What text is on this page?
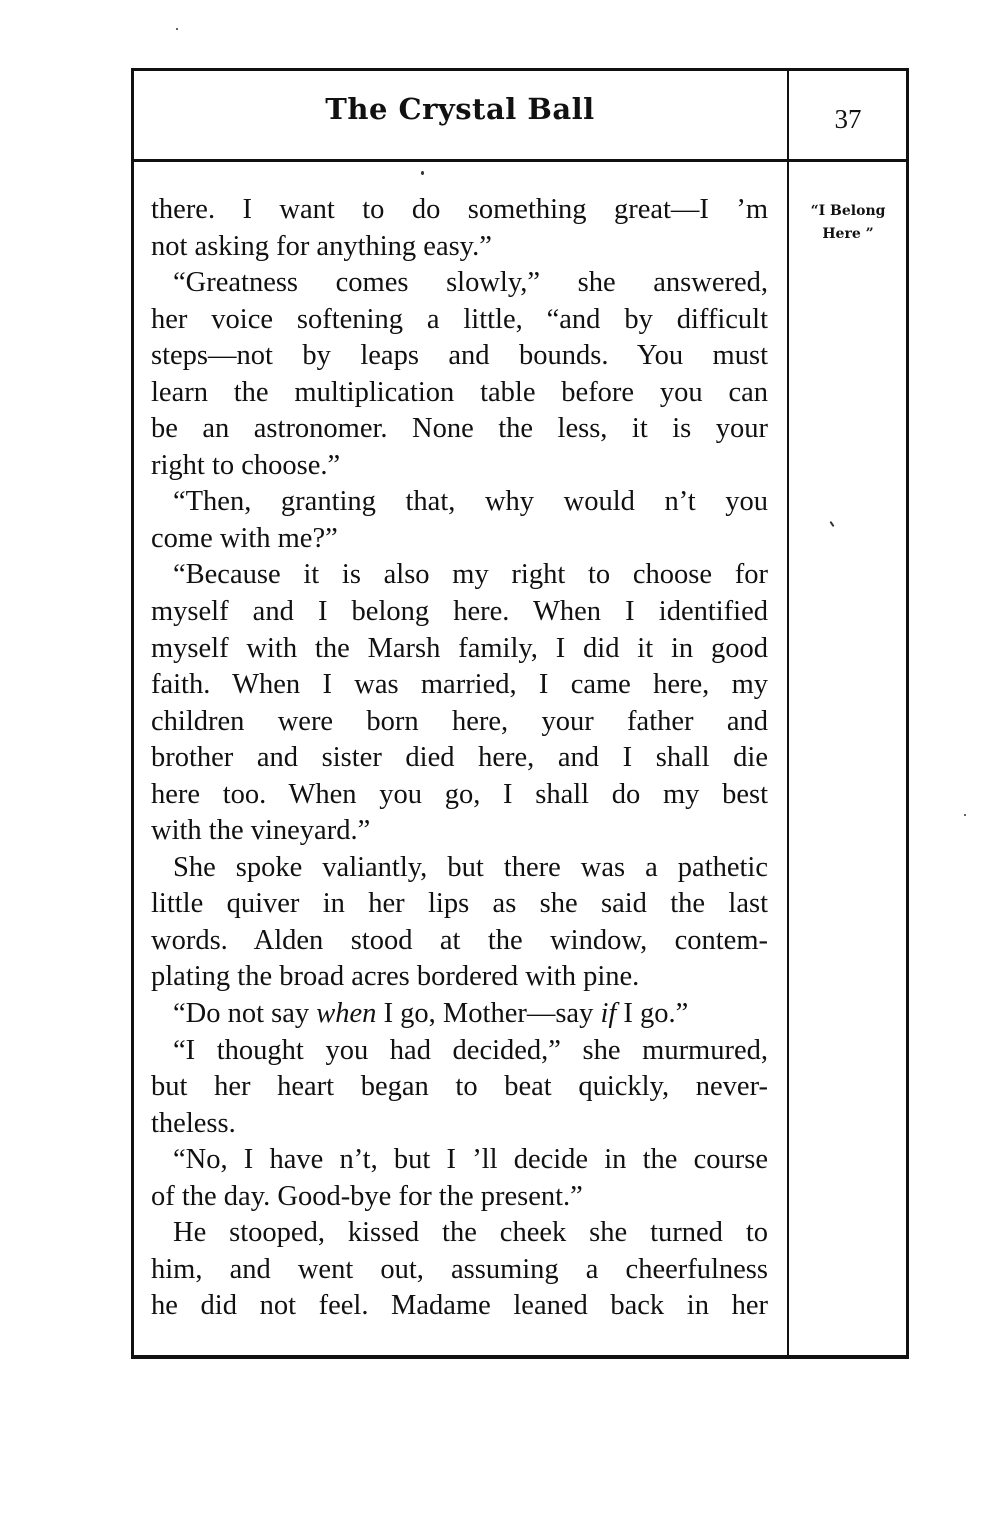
The Crystal Ball	37
“I Belong
Here ”
there. I want to do something great—I ’m
not asking for anything easy.”
“Greatness comes slowly,” she answered,
her voice softening a little, “and by difficult
steps—not by leaps and bounds. You must
learn the multiplication table before you can
be an astronomer. None the less, it is your
right to choose.”
“Then, granting that, why would n’t you
come with me?”
“Because it is also my right to choose for
myself and I belong here. When I identified
myself with the Marsh family, I did it in good
faith. When I was married, I came here, my
children were born here, your father and
brother and sister died here, and I shall die
here too. When you go, I shall do my best
with the vineyard.”
She spoke valiantly, but there was a pathetic
little quiver in her lips as she said the last
words. Alden stood at the window, contem-
plating the broad acres bordered with pine.
“Do not say when I go, Mother—say if I go.”
“I thought you had decided,” she murmured,
but her heart began to beat quickly, never-
theless.
“No, I have n’t, but I ’ll decide in the course
of the day. Good-bye for the present.”
He stooped, kissed the cheek she turned to
him, and went out, assuming a cheerfulness
he did not feel. Madame leaned back in her
